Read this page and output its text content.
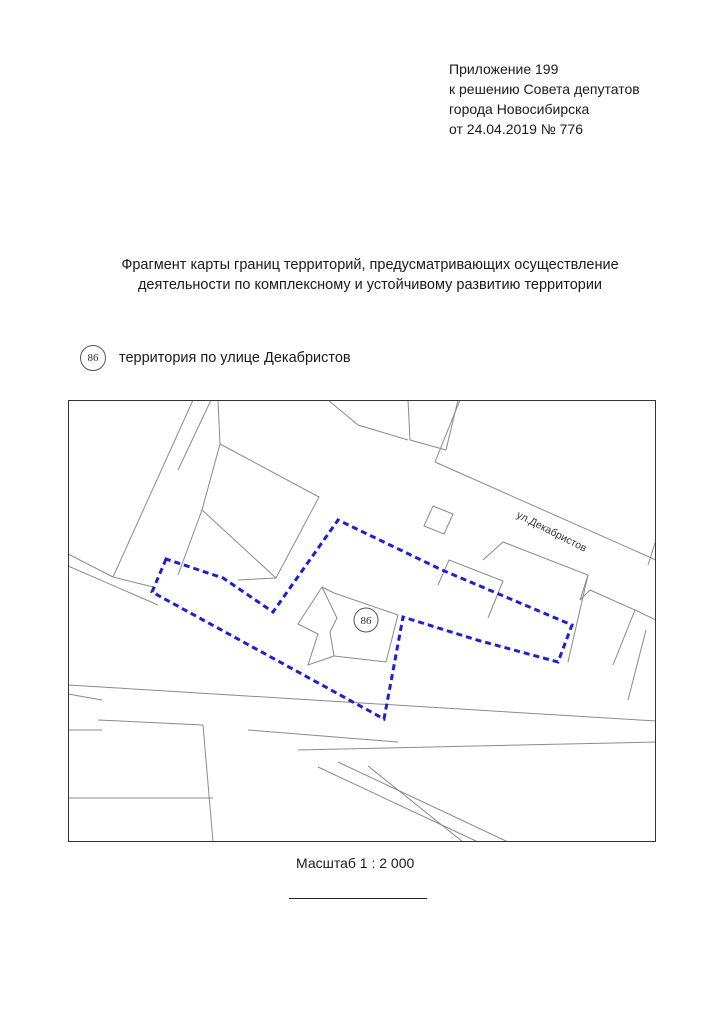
Приложение 199
к решению Совета депутатов
города Новосибирска
от 24.04.2019 № 776
Фрагмент карты границ территорий, предусматривающих осуществление
деятельности по комплексному и устойчивому развитию территории
86	территория по улице Декабристов
86
ул.Декабристов
Масштаб 1 : 2 000
